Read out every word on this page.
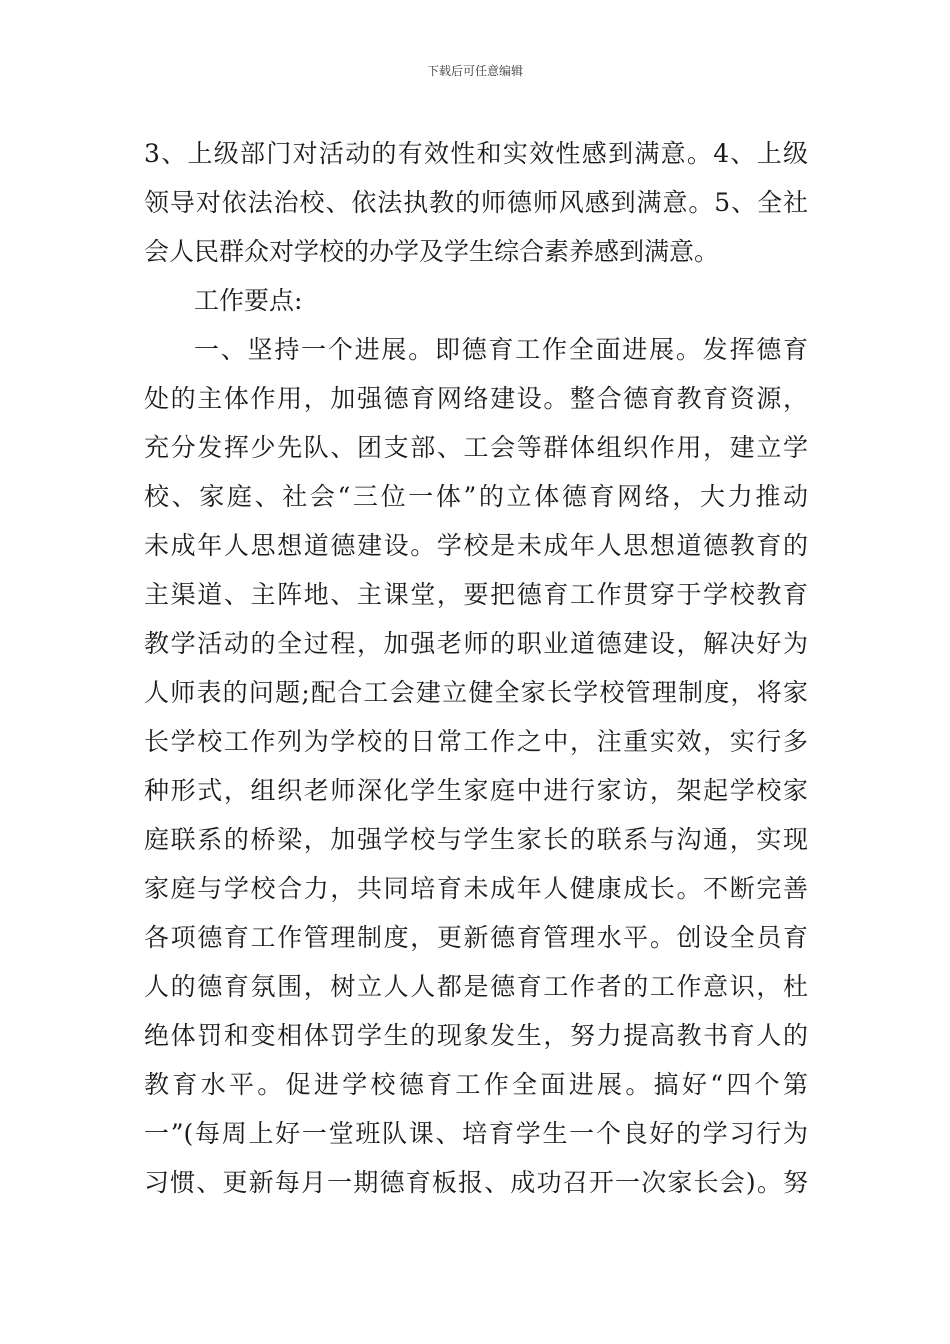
下载后可任意编辑
3、上级部门对活动的有效性和实效性感到满意。4、上级
领导对依法治校、依法执教的师德师风感到满意。5、全社
会人民群众对学校的办学及学生综合素养感到满意。
工作要点:
一、坚持一个进展。即德育工作全面进展。发挥德育
处的主体作用，加强德育网络建设。整合德育教育资源，
充分发挥少先队、团支部、工会等群体组织作用，建立学
校、家庭、社会“三位一体”的立体德育网络，大力推动
未成年人思想道德建设。学校是未成年人思想道德教育的
主渠道、主阵地、主课堂，要把德育工作贯穿于学校教育
教学活动的全过程，加强老师的职业道德建设，解决好为
人师表的问题;配合工会建立健全家长学校管理制度，将家
长学校工作列为学校的日常工作之中，注重实效，实行多
种形式，组织老师深化学生家庭中进行家访，架起学校家
庭联系的桥梁，加强学校与学生家长的联系与沟通，实现
家庭与学校合力，共同培育未成年人健康成长。不断完善
各项德育工作管理制度，更新德育管理水平。创设全员育
人的德育氛围，树立人人都是德育工作者的工作意识，杜
绝体罚和变相体罚学生的现象发生，努力提高教书育人的
教育水平。促进学校德育工作全面进展。搞好“四个第
一”(每周上好一堂班队课、培育学生一个良好的学习行为
习惯、更新每月一期德育板报、成功召开一次家长会)。努
